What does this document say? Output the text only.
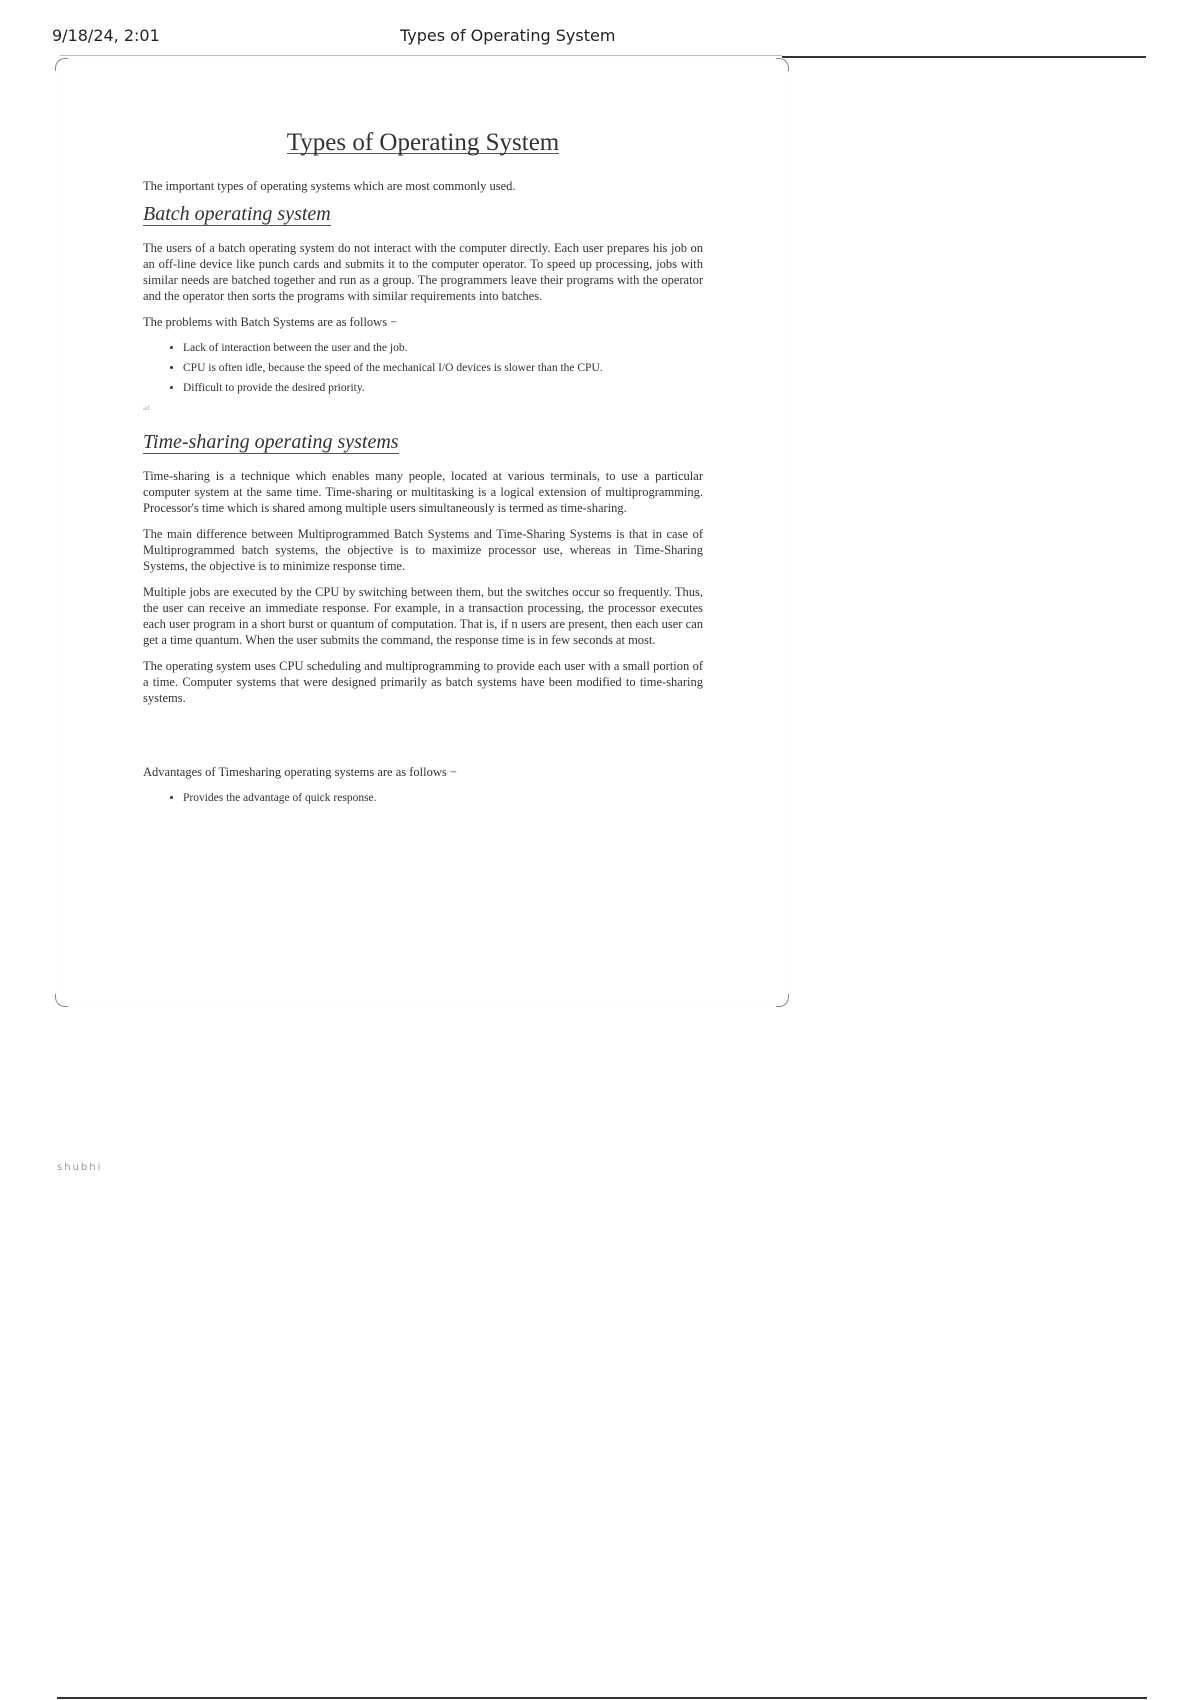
9/18/24, 2:01	Types of Operating System
Types of Operating System

The important types of operating systems which are most commonly used.

Batch operating system

The users of a batch operating system do not interact with the computer directly. Each user prepares his job on an off-line device like punch cards and submits it to the computer operator. To speed up processing, jobs with similar needs are batched together and run as a group. The programmers leave their programs with the operator and the operator then sorts the programs with similar requirements into batches.

The problems with Batch Systems are as follows −

• Lack of interaction between the user and the job.
• CPU is often idle, because the speed of the mechanical I/O devices is slower than the CPU.
• Difficult to provide the desired priority.
ad
Time-sharing operating systems

Time-sharing is a technique which enables many people, located at various terminals, to use a particular computer system at the same time. Time-sharing or multitasking is a logical extension of multiprogramming. Processor's time which is shared among multiple users simultaneously is termed as time-sharing.

The main difference between Multiprogrammed Batch Systems and Time-Sharing Systems is that in case of Multiprogrammed batch systems, the objective is to maximize processor use, whereas in Time-Sharing Systems, the objective is to minimize response time.

Multiple jobs are executed by the CPU by switching between them, but the switches occur so frequently. Thus, the user can receive an immediate response. For example, in a transaction processing, the processor executes each user program in a short burst or quantum of computation. That is, if n users are present, then each user can get a time quantum. When the user submits the command, the response time is in few seconds at most.

The operating system uses CPU scheduling and multiprogramming to provide each user with a small portion of a time. Computer systems that were designed primarily as batch systems have been modified to time-sharing systems.

Advantages of Timesharing operating systems are as follows −

• Provides the advantage of quick response.
shubhi
